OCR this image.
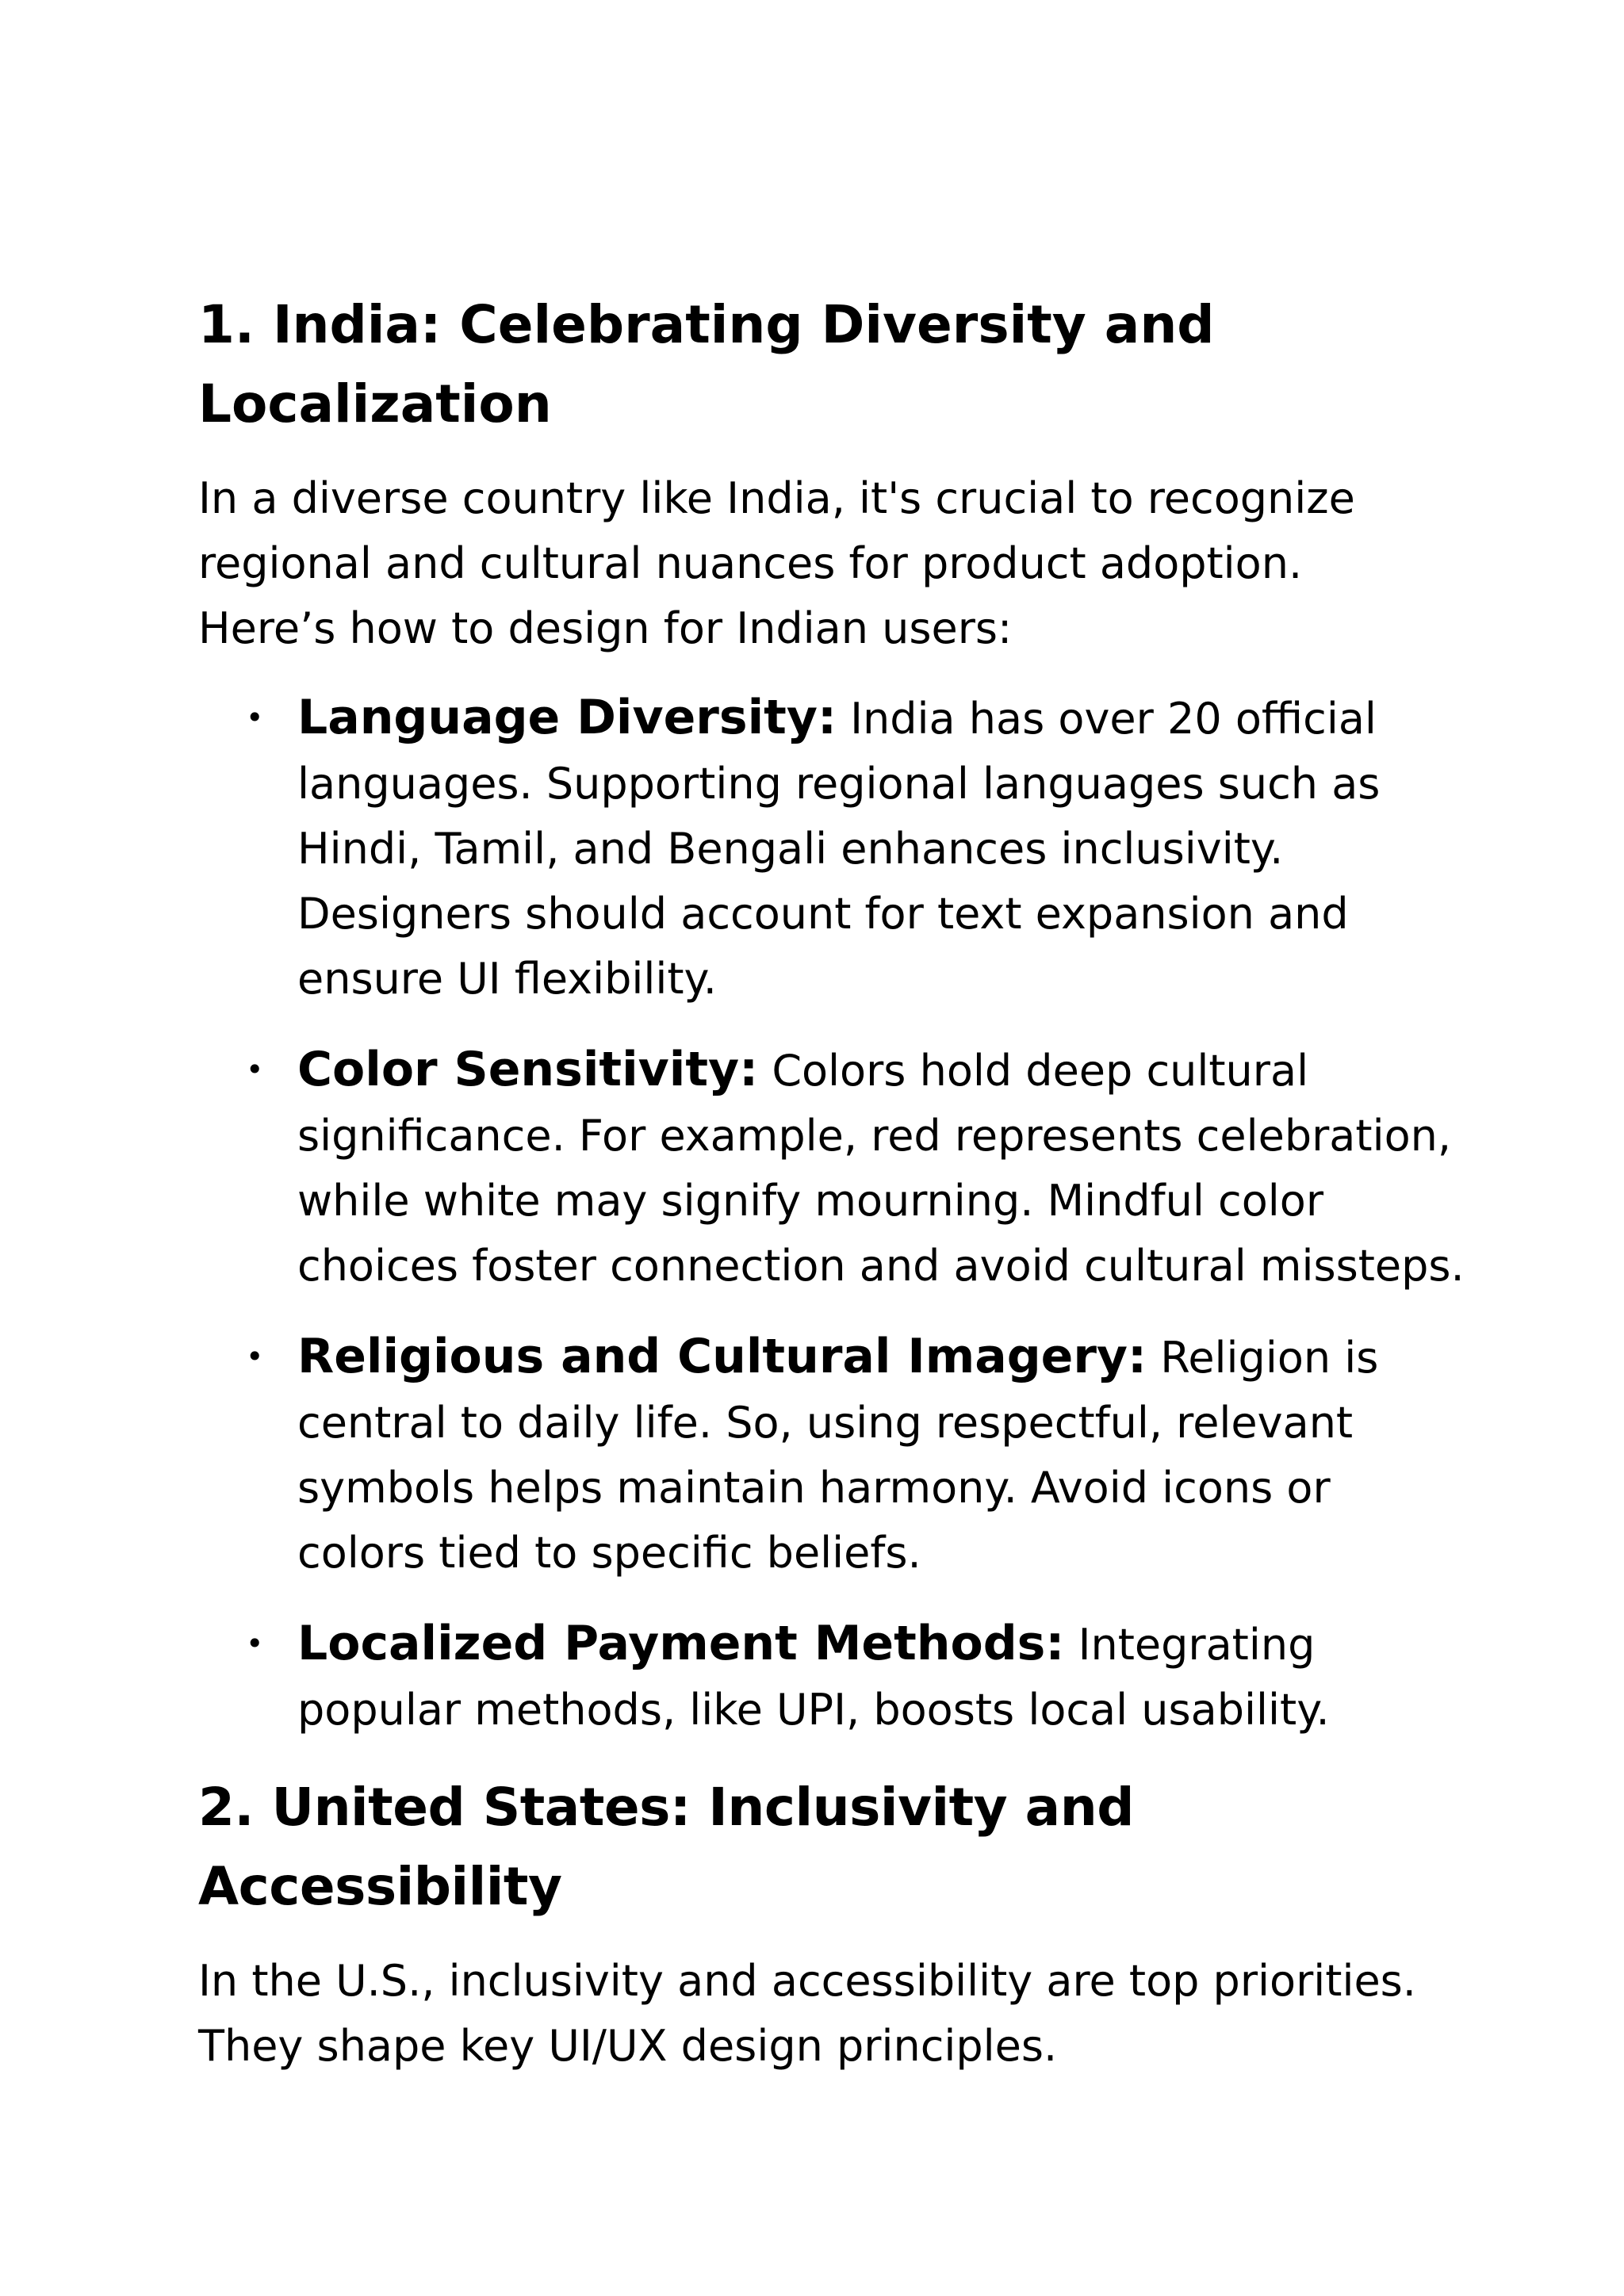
1. India: Celebrating Diversity and Localization

In a diverse country like India, it's crucial to recognize regional and cultural nuances for product adoption. Here’s how to design for Indian users:

• Language Diversity: India has over 20 official languages. Supporting regional languages such as Hindi, Tamil, and Bengali enhances inclusivity. Designers should account for text expansion and ensure UI flexibility.
• Color Sensitivity: Colors hold deep cultural significance. For example, red represents celebration, while white may signify mourning. Mindful color choices foster connection and avoid cultural missteps.
• Religious and Cultural Imagery: Religion is central to daily life. So, using respectful, relevant symbols helps maintain harmony. Avoid icons or colors tied to specific beliefs.
• Localized Payment Methods: Integrating popular methods, like UPI, boosts local usability.
2. United States: Inclusivity and Accessibility

In the U.S., inclusivity and accessibility are top priorities. They shape key UI/UX design principles.
